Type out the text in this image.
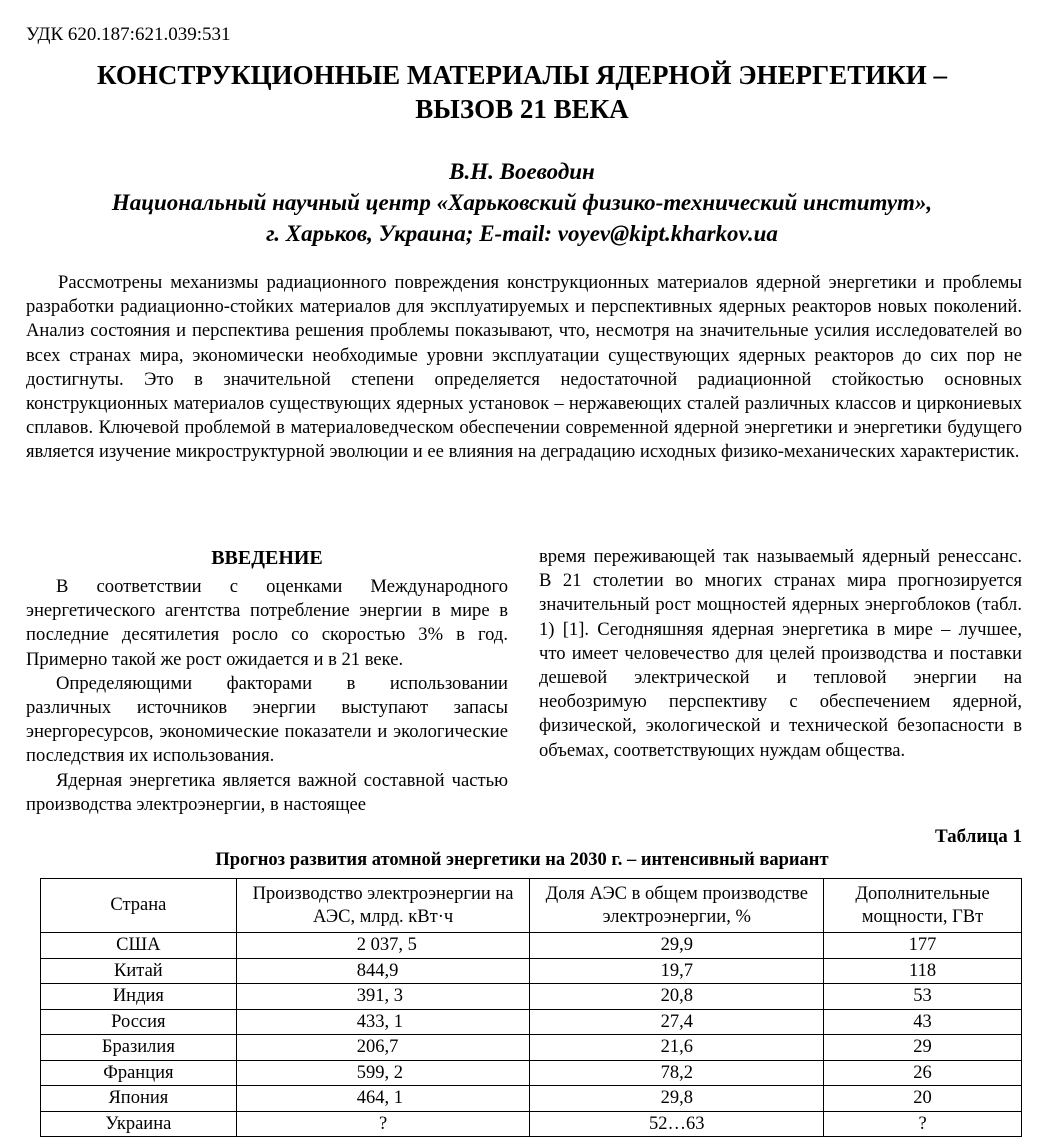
УДК 620.187:621.039:531
КОНСТРУКЦИОННЫЕ МАТЕРИАЛЫ ЯДЕРНОЙ ЭНЕРГЕТИКИ –
ВЫЗОВ 21 ВЕКА
В.Н. Воеводин
Национальный научный центр «Харьковский физико-технический институт»,
г. Харьков, Украина; E-mail: voyev@kipt.kharkov.ua

Рассмотрены механизмы радиационного повреждения конструкционных материалов ядерной энергетики и проблемы разработки радиационно-стойких материалов для эксплуатируемых и перспективных ядерных реакторов новых поколений. Анализ состояния и перспектива решения проблемы показывают, что, несмотря на значительные усилия исследователей во всех странах мира, экономически необходимые уровни эксплуатации существующих ядерных реакторов до сих пор не достигнуты. Это в значительной степени определяется недостаточной радиационной стойкостью основных конструкционных материалов существующих ядерных установок – нержавеющих сталей различных классов и циркониевых сплавов. Ключевой проблемой в материаловедческом обеспечении современной ядерной энергетики и энергетики будущего является изучение микроструктурной эволюции и ее влияния на деградацию исходных физико-механических характеристик.

ВВЕДЕНИЕ

В соответствии с оценками Международного энергетического агентства потребление энергии в мире в последние десятилетия росло со скоростью 3% в год. Примерно такой же рост ожидается и в 21 веке.

Определяющими факторами в использовании различных источников энергии выступают запасы энергоресурсов, экономические показатели и экологические последствия их использования.

Ядерная энергетика является важной составной частью производства электроэнергии, в настоящее

время переживающей так называемый ядерный ренессанс. В 21 столетии во многих странах мира прогнозируется значительный рост мощностей ядерных энергоблоков (табл. 1) [1]. Сегодняшняя ядерная энергетика в мире – лучшее, что имеет человечество для целей производства и поставки дешевой электрической и тепловой энергии на необозримую перспективу с обеспечением ядерной, физической, экологической и технической безопасности в объемах, соответствующих нуждам общества.

Таблица 1
Прогноз развития атомной энергетики на 2030 г. – интенсивный вариант
Страна	Производство электроэнергии на АЭС, млрд. кВт·ч	Доля АЭС в общем производстве электроэнергии, %	Дополнительные мощности, ГВт
США	2 037, 5	29,9	177
Китай	844,9	19,7	118
Индия	391, 3	20,8	53
Россия	433, 1	27,4	43
Бразилия	206,7	21,6	29
Франция	599, 2	78,2	26
Япония	464, 1	29,8	20
Украина	?	52…63	?
